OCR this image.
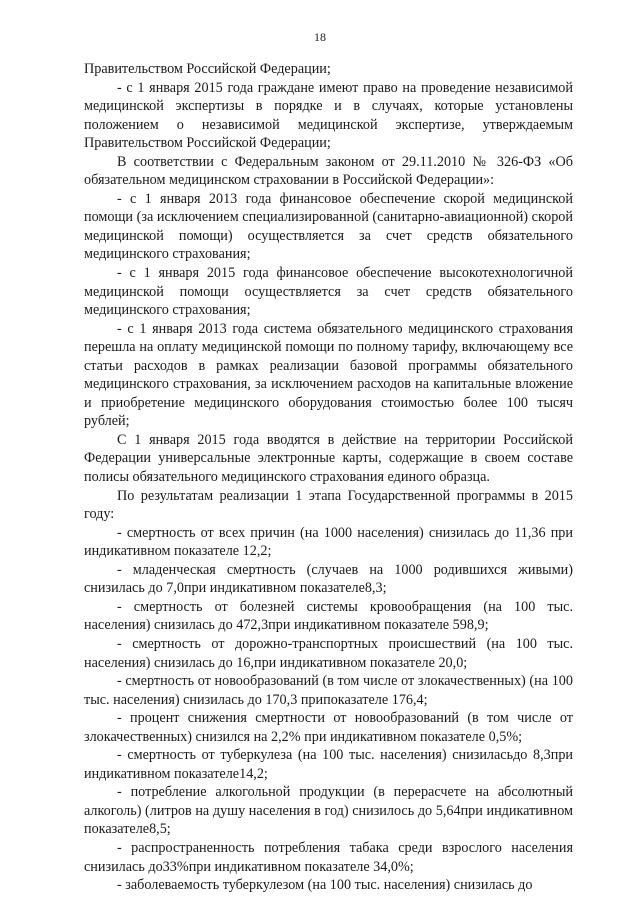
18

Правительством Российской Федерации;

- с 1 января 2015 года граждане имеют право на проведение независимой медицинской экспертизы в порядке и в случаях, которые установлены положением о независимой медицинской экспертизе, утверждаемым Правительством Российской Федерации;

В соответствии с Федеральным законом от 29.11.2010 № 326-ФЗ «Об обязательном медицинском страховании в Российской Федерации»:

- с 1 января 2013 года финансовое обеспечение скорой медицинской помощи (за исключением специализированной (санитарно-авиационной) скорой медицинской помощи) осуществляется за счет средств обязательного медицинского страхования;

- с 1 января 2015 года финансовое обеспечение высокотехнологичной медицинской помощи осуществляется за счет средств обязательного медицинского страхования;

- с 1 января 2013 года система обязательного медицинского страхования перешла на оплату медицинской помощи по полному тарифу, включающему все статьи расходов в рамках реализации базовой программы обязательного медицинского страхования, за исключением расходов на капитальные вложение и приобретение медицинского оборудования стоимостью более 100 тысяч рублей;

С 1 января 2015 года вводятся в действие на территории Российской Федерации универсальные электронные карты, содержащие в своем составе полисы обязательного медицинского страхования единого образца.

По результатам реализации 1 этапа Государственной программы в 2015 году:

- смертность от всех причин (на 1000 населения) снизилась до 11,36 при индикативном показателе 12,2;

- младенческая смертность (случаев на 1000 родившихся живыми) снизилась до 7,0при индикативном показателе8,3;

- смертность от болезней системы кровообращения (на 100 тыс. населения) снизилась до 472,3при индикативном показателе 598,9;

- смертность от дорожно-транспортных происшествий (на 100 тыс. населения) снизилась до 16,при индикативном показателе 20,0;

- смертность от новообразований (в том числе от злокачественных) (на 100 тыс. населения) снизилась до 170,3 припоказателе 176,4;

- процент снижения смертности от новообразований (в том числе от злокачественных) снизился на 2,2% при индикативном показателе 0,5%;

- смертность от туберкулеза (на 100 тыс. населения) снизиласьдо 8,3при индикативном показателе14,2;

- потребление алкогольной продукции (в перерасчете на абсолютный алкоголь) (литров на душу населения в год) снизилось до 5,64при индикативном показателе8,5;

- распространенность потребления табака среди взрослого населения снизилась до33%при индикативном показателе 34,0%;

- заболеваемость туберкулезом (на 100 тыс. населения) снизилась до
